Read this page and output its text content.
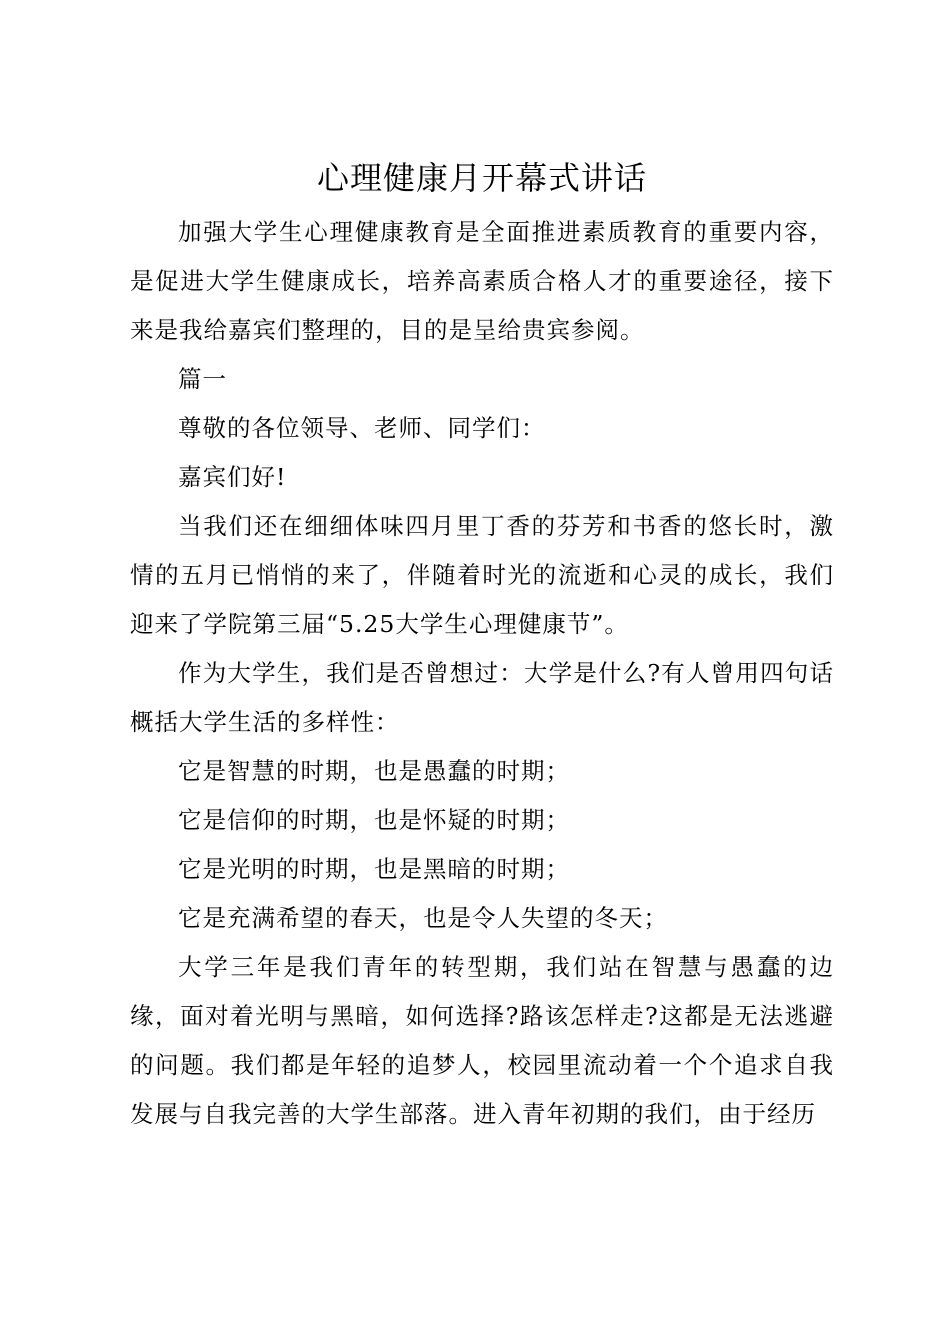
心理健康月开幕式讲话

加强大学生心理健康教育是全面推进素质教育的重要内容，是促进大学生健康成长，培养高素质合格人才的重要途径，接下来是我给嘉宾们整理的，目的是呈给贵宾参阅。

篇一

尊敬的各位领导、老师、同学们：

嘉宾们好!

当我们还在细细体味四月里丁香的芬芳和书香的悠长时，激情的五月已悄悄的来了，伴随着时光的流逝和心灵的成长，我们迎来了学院第三届“5.25大学生心理健康节”。

作为大学生，我们是否曾想过：大学是什么?有人曾用四句话概括大学生活的多样性：

它是智慧的时期，也是愚蠢的时期；

它是信仰的时期，也是怀疑的时期；

它是光明的时期，也是黑暗的时期；

它是充满希望的春天，也是令人失望的冬天；

大学三年是我们青年的转型期，我们站在智慧与愚蠢的边缘，面对着光明与黑暗，如何选择?路该怎样走?这都是无法逃避的问题。我们都是年轻的追梦人，校园里流动着一个个追求自我发展与自我完善的大学生部落。进入青年初期的我们，由于经历
